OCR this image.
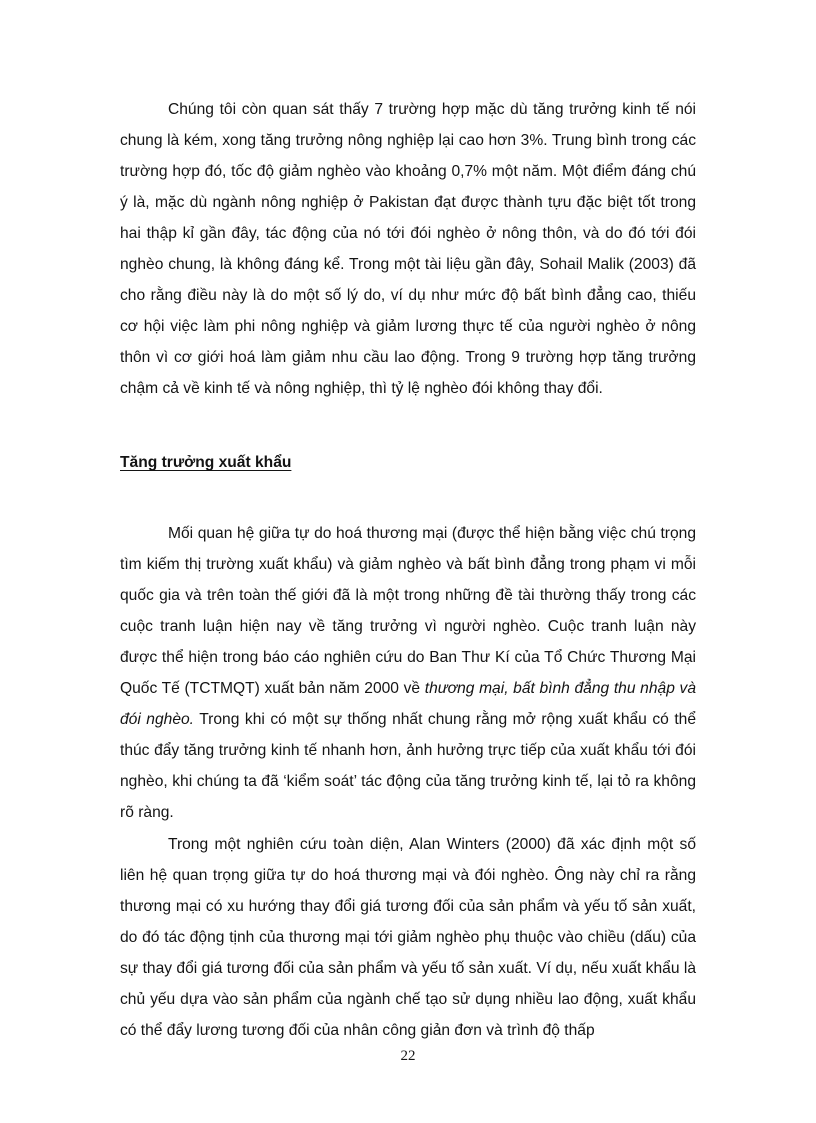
Chúng tôi còn quan sát thấy 7 trường hợp mặc dù tăng trưởng kinh tế nói chung là kém, xong tăng trưởng nông nghiệp lại cao hơn 3%. Trung bình trong các trường hợp đó, tốc độ giảm nghèo vào khoảng 0,7% một năm. Một điểm đáng chú ý là, mặc dù ngành nông nghiệp ở Pakistan đạt được thành tựu đặc biệt tốt trong hai thập kỉ gần đây, tác động của nó tới đói nghèo ở nông thôn, và do đó tới đói nghèo chung, là không đáng kể. Trong một tài liệu gần đây, Sohail Malik (2003) đã cho rằng điều này là do một số lý do, ví dụ như mức độ bất bình đẳng cao, thiếu cơ hội việc làm phi nông nghiệp và giảm lương thực tế của người nghèo ở nông thôn vì cơ giới hoá làm giảm nhu cầu lao động. Trong 9 trường hợp tăng trưởng chậm cả về kinh tế và nông nghiệp, thì tỷ lệ nghèo đói không thay đổi.

Tăng trưởng xuất khẩu

Mối quan hệ giữa tự do hoá thương mại (được thể hiện bằng việc chú trọng tìm kiếm thị trường xuất khẩu) và giảm nghèo và bất bình đẳng trong phạm vi mỗi quốc gia và trên toàn thế giới đã là một trong những đề tài thường thấy trong các cuộc tranh luận hiện nay về tăng trưởng vì người nghèo. Cuộc tranh luận này được thể hiện trong báo cáo nghiên cứu do Ban Thư Kí của Tổ Chức Thương Mại Quốc Tế (TCTMQT) xuất bản năm 2000 về thương mại, bất bình đẳng thu nhập và đói nghèo. Trong khi có một sự thống nhất chung rằng mở rộng xuất khẩu có thể thúc đẩy tăng trưởng kinh tế nhanh hơn, ảnh hưởng trực tiếp của xuất khẩu tới đói nghèo, khi chúng ta đã ‘kiểm soát’ tác động của tăng trưởng kinh tế, lại tỏ ra không rõ ràng.

Trong một nghiên cứu toàn diện, Alan Winters (2000) đã xác định một số liên hệ quan trọng giữa tự do hoá thương mại và đói nghèo. Ông này chỉ ra rằng thương mại có xu hướng thay đổi giá tương đối của sản phẩm và yếu tố sản xuất, do đó tác động tịnh của thương mại tới giảm nghèo phụ thuộc vào chiều (dấu) của sự thay đổi giá tương đối của sản phẩm và yếu tố sản xuất. Ví dụ, nếu xuất khẩu là chủ yếu dựa vào sản phẩm của ngành chế tạo sử dụng nhiều lao động, xuất khẩu có thể đẩy lương tương đối của nhân công giản đơn và trình độ thấp

22
